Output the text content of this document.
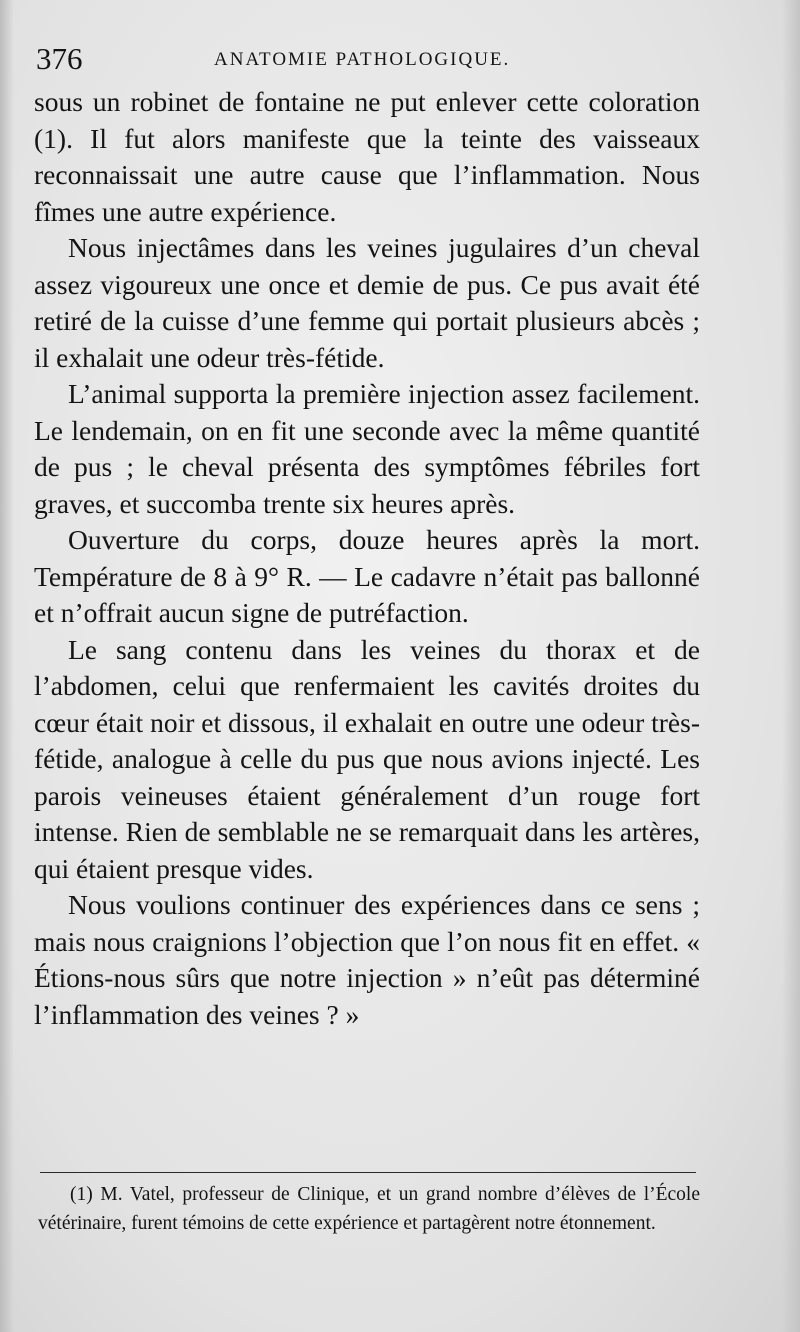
376	ANATOMIE PATHOLOGIQUE.

sous un robinet de fontaine ne put enlever cette coloration (1). Il fut alors manifeste que la teinte des vaisseaux reconnaissait une autre cause que l’inflammation. Nous fîmes une autre expérience.

Nous injectâmes dans les veines jugulaires d’un cheval assez vigoureux une once et demie de pus. Ce pus avait été retiré de la cuisse d’une femme qui portait plusieurs abcès ; il exhalait une odeur très-fétide.

L’animal supporta la première injection assez facilement. Le lendemain, on en fit une seconde avec la même quantité de pus ; le cheval présenta des symptômes fébriles fort graves, et succomba trente six heures après.

Ouverture du corps, douze heures après la mort. Température de 8 à 9° R. — Le cadavre n’était pas ballonné et n’offrait aucun signe de putréfaction.

Le sang contenu dans les veines du thorax et de l’abdomen, celui que renfermaient les cavités droites du cœur était noir et dissous, il exhalait en outre une odeur très-fétide, analogue à celle du pus que nous avions injecté. Les parois veineuses étaient généralement d’un rouge fort intense. Rien de semblable ne se remarquait dans les artères, qui étaient presque vides.

Nous voulions continuer des expériences dans ce sens ; mais nous craignions l’objection que l’on nous fit en effet. « Étions-nous sûrs que notre injection » n’eût pas déterminé l’inflammation des veines ? »

(1) M. Vatel, professeur de Clinique, et un grand nombre d’élèves de l’École vétérinaire, furent témoins de cette expérience et partagèrent notre étonnement.
